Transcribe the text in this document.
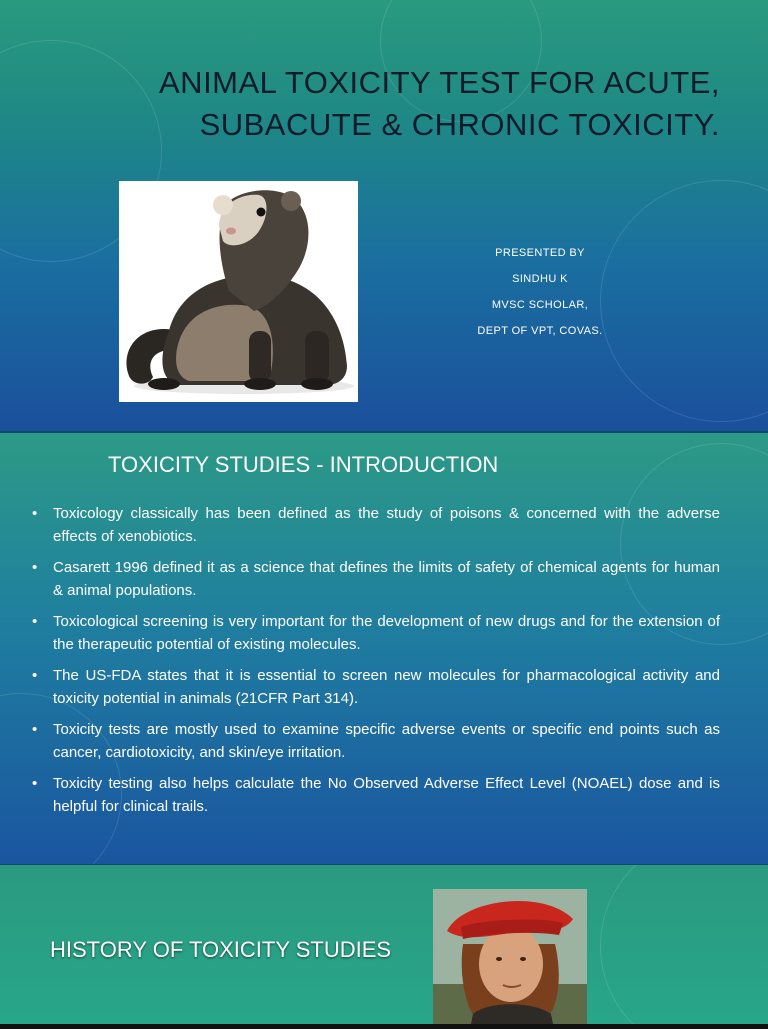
ANIMAL TOXICITY TEST FOR ACUTE,
SUBACUTE & CHRONIC TOXICITY.
PRESENTED BY
SINDHU K
MVSC SCHOLAR,
DEPT OF VPT, COVAS.
TOXICITY STUDIES - INTRODUCTION
• Toxicology classically has been defined as the study of poisons & concerned with the adverse effects of xenobiotics.
• Casarett 1996 defined it as a science that defines the limits of safety of chemical agents for human & animal populations.
• Toxicological screening is very important for the development of new drugs and for the extension of the therapeutic potential of existing molecules.
• The US-FDA states that it is essential to screen new molecules for pharmacological activity and toxicity potential in animals (21CFR Part 314).
• Toxicity tests are mostly used to examine specific adverse events or specific end points such as cancer, cardiotoxicity, and skin/eye irritation.
• Toxicity testing also helps calculate the No Observed Adverse Effect Level (NOAEL) dose and is helpful for clinical trails.
HISTORY OF TOXICITY STUDIES
